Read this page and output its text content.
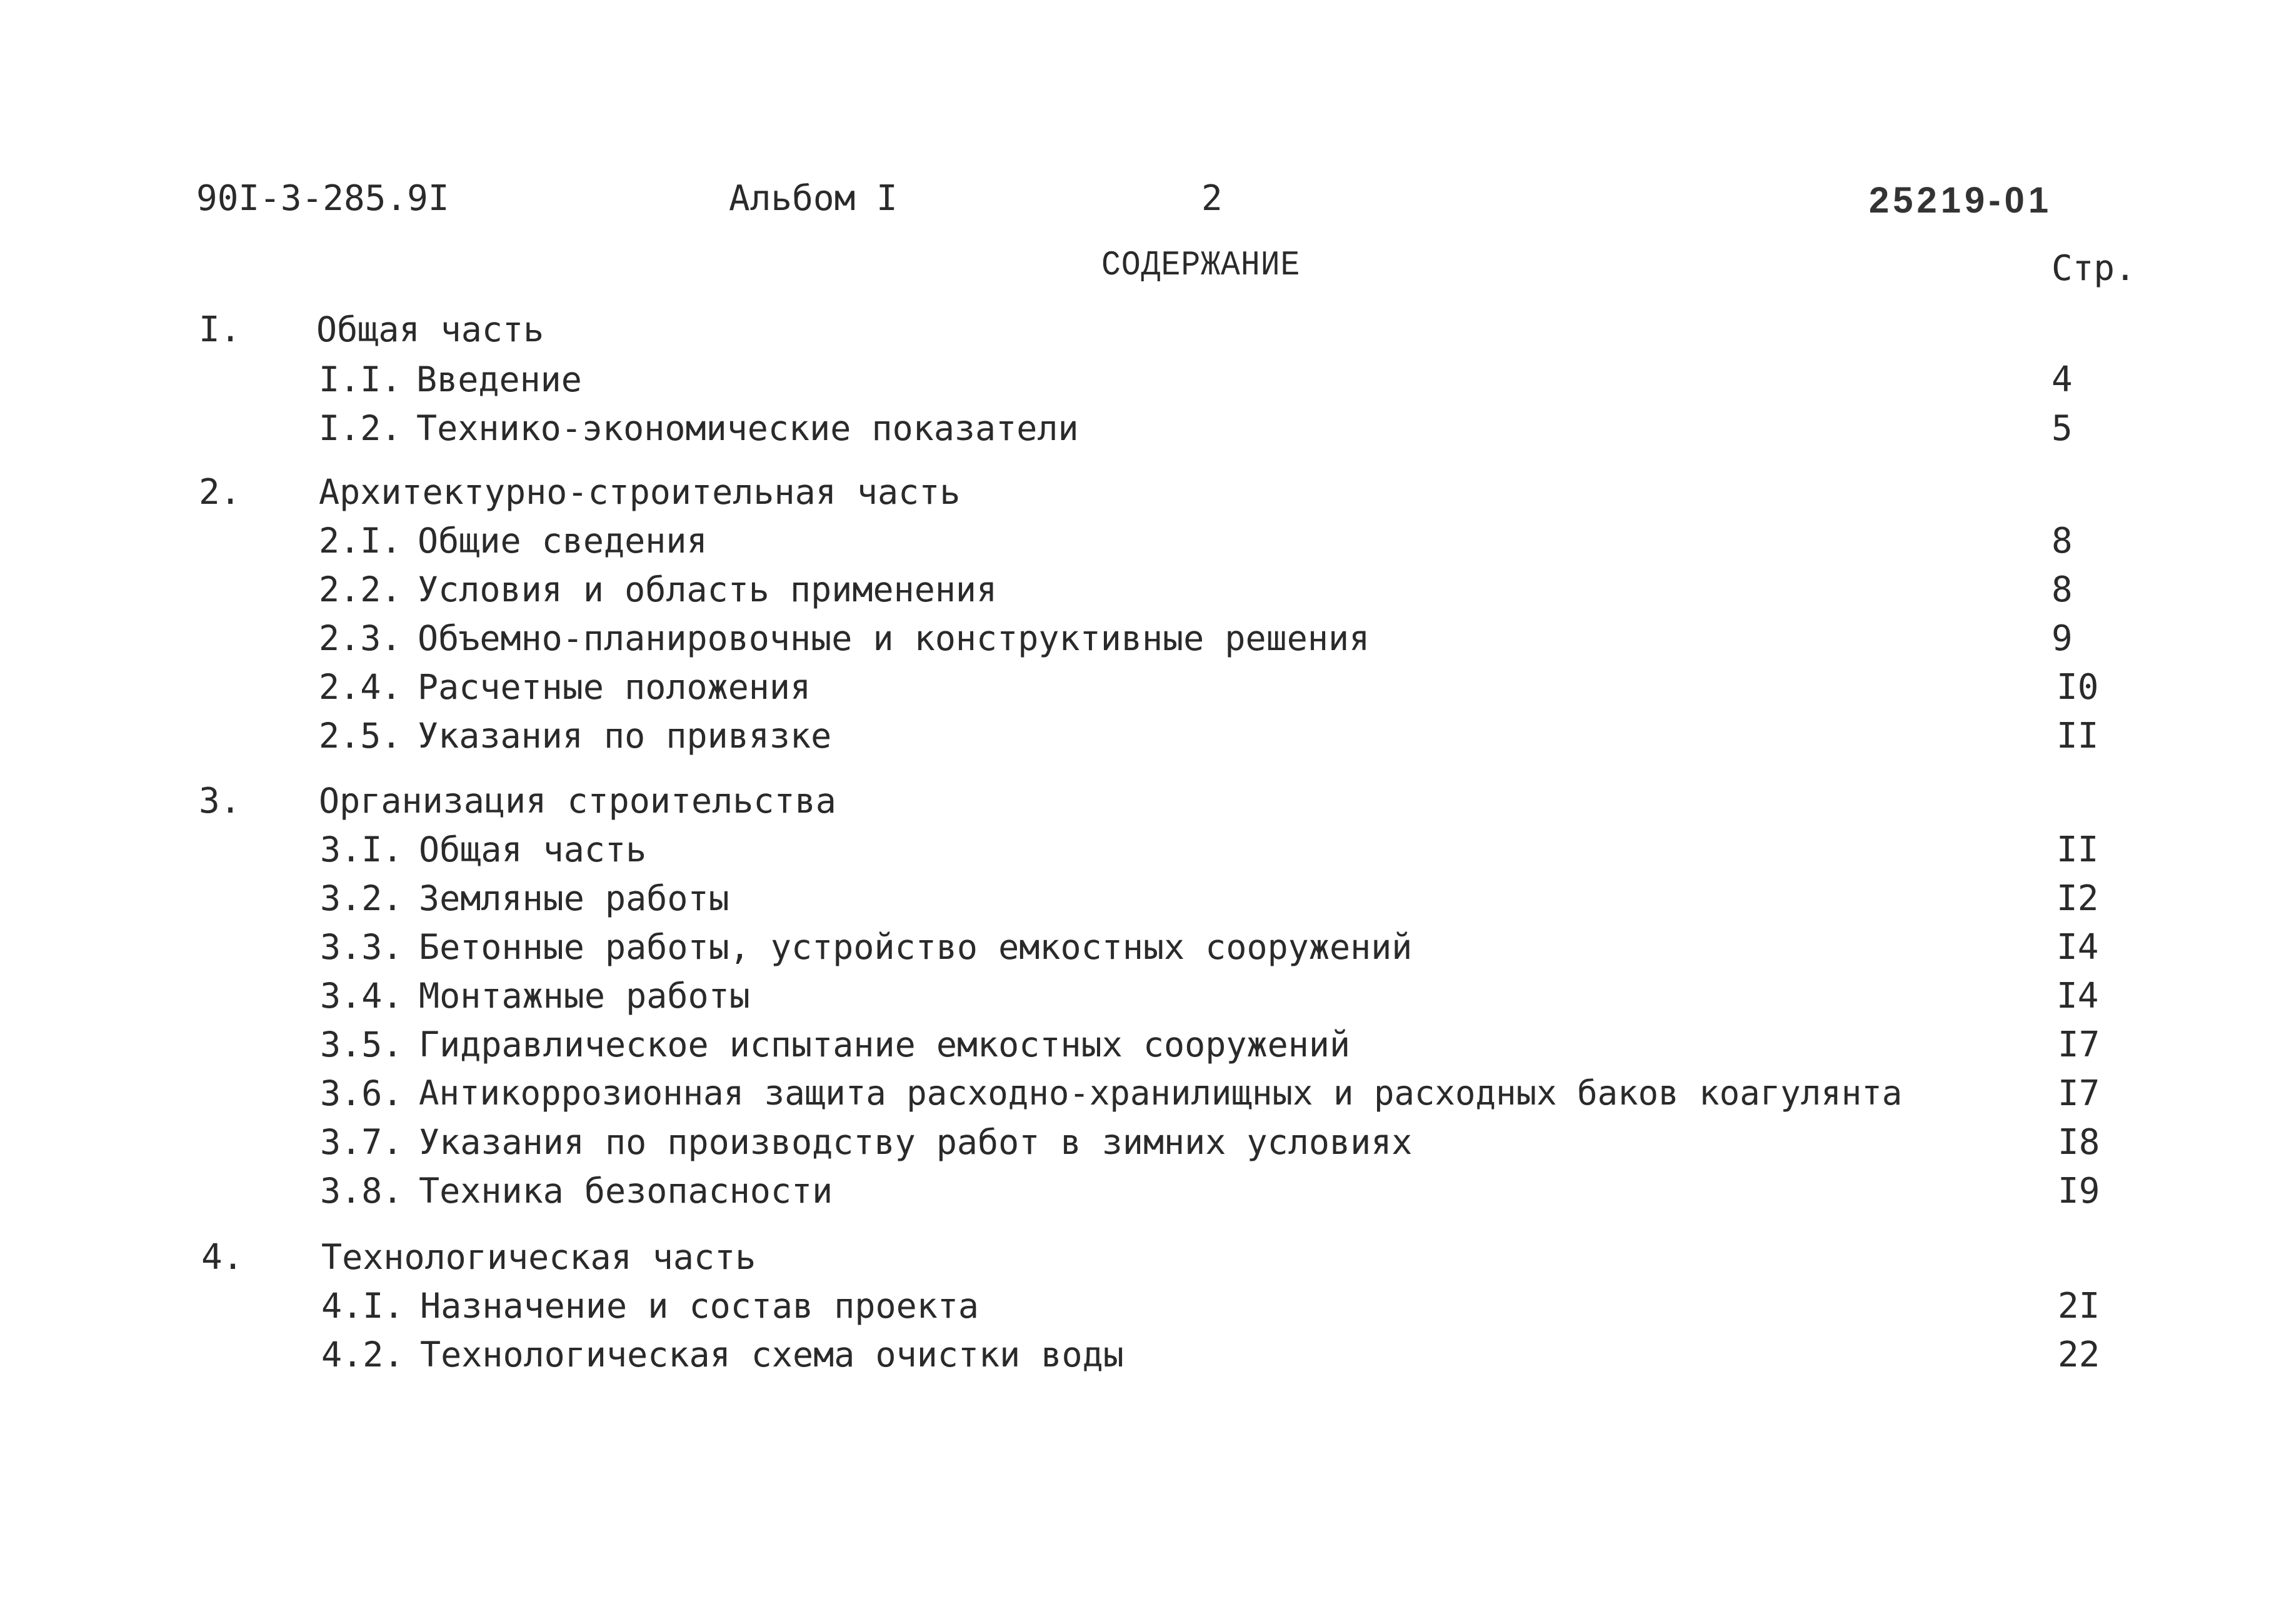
90I-3-285.9I	Альбом I	2	25219-01
СОДЕРЖАНИЕ	Стр.
I. Общая часть
I.I. Введение	4
I.2. Технико-экономические показатели	5
2. Архитектурно-строительная часть
2.I. Общие сведения	8
2.2. Условия и область применения	8
2.3. Объемно-планировочные и конструктивные решения	9
2.4. Расчетные положения	I0
2.5. Указания по привязке	II
3. Организация строительства
3.I. Общая часть	II
3.2. Земляные работы	I2
3.3. Бетонные работы, устройство емкостных сооружений	I4
3.4. Монтажные работы	I4
3.5. Гидравлическое испытание емкостных сооружений	I7
3.6. Антикоррозионная защита расходно-хранилищных и расходных баков коагулянта	I7
3.7. Указания по производству работ в зимних условиях	I8
3.8. Техника безопасности	I9
4. Технологическая часть
4.I. Назначение и состав проекта	2I
4.2. Технологическая схема очистки воды	22
